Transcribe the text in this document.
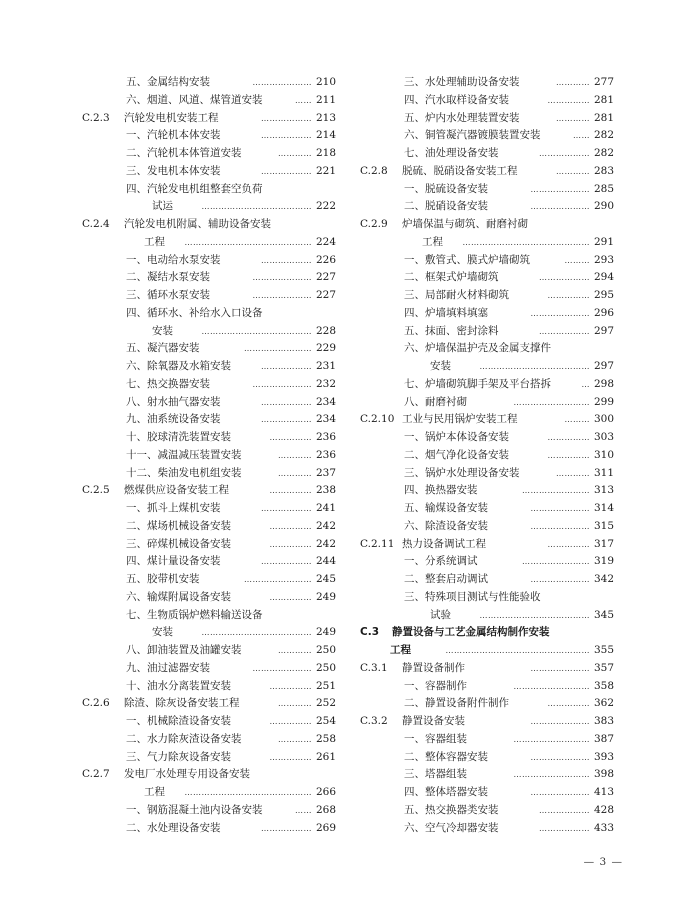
五、金属结构安装	………………… 210
六、烟道、风道、煤管道安装	…… 211
C.2.3 汽轮发电机安装工程	……………… 213
一、汽轮机本体安装	……………… 214
二、汽轮机本体管道安装	………… 218
三、发电机本体安装	……………… 221
四、汽轮发电机组整套空负荷
试运	………………………………… 222
C.2.4 汽轮发电机附属、辅助设备安装
工程 ……………………………………… 224
一、电动给水泵安装	……………… 226
二、凝结水泵安装	………………… 227
三、循环水泵安装	………………… 227
四、循环水、补给水入口设备
安装	………………………………… 228
五、凝汽器安装	…………………… 229
六、除氧器及水箱安装	……………… 231
七、热交换器安装	………………… 232
八、射水抽气器安装	……………… 234
九、油系统设备安装	……………… 234
十、胶球清洗装置安装	…………… 236
十一、减温减压装置安装	………… 236
十二、柴油发电机组安装	………… 237
C.2.5 燃煤供应设备安装工程	…………… 238
一、抓斗上煤机安装	……………… 241
二、煤场机械设备安装	…………… 242
三、碎煤机械设备安装	…………… 242
四、煤计量设备安装	……………… 244
五、胶带机安装	…………………… 245
六、输煤附属设备安装	…………… 249
七、生物质锅炉燃料输送设备
安装	………………………………… 249
八、卸油装置及油罐安装	………… 250
九、油过滤器安装	………………… 250
十、油水分离装置安装	…………… 251
C.2.6 除渣、除灰设备安装工程	………… 252
一、机械除渣设备安装	…………… 254
二、水力除灰渣设备安装	………… 258
三、气力除灰设备安装	…………… 261
C.2.7 发电厂水处理专用设备安装
工程 ……………………………………… 266
一、钢筋混凝土池内设备安装	…… 268
二、水处理设备安装	……………… 269
三、水处理辅助设备安装	………… 277
四、汽水取样设备安装	…………… 281
五、炉内水处理装置安装	………… 281
六、铜管凝汽器镀膜装置安装	…… 282
七、油处理设备安装	……………… 282
C.2.8 脱硫、脱硝设备安装工程	………… 283
一、脱硫设备安装	………………… 285
二、脱硝设备安装	………………… 290
C.2.9 炉墙保温与砌筑、耐磨衬砌
工程 ……………………………………… 291
一、敷管式、膜式炉墙砌筑	……… 293
二、框架式炉墙砌筑	……………… 294
三、局部耐火材料砌筑	…………… 295
四、炉墙填料填塞	………………… 296
五、抹面、密封涂料	……………… 297
六、炉墙保温护壳及金属支撑件
安装	………………………………… 297
七、炉墙砌筑脚手架及平台搭拆	… 298
八、耐磨衬砌	……………………… 299
C.2.10 工业与民用锅炉安装工程	……… 300
一、锅炉本体设备安装	…………… 303
二、烟气净化设备安装	…………… 310
三、锅炉水处理设备安装	………… 311
四、换热器安装	…………………… 313
五、输煤设备安装	………………… 314
六、除渣设备安装	………………… 315
C.2.11 热力设备调试工程	…………… 317
一、分系统调试	…………………… 319
二、整套启动调试	………………… 342
三、特殊项目测试与性能验收
试验	………………………………… 345
C.3 静置设备与工艺金属结构制作安装
工程	…………………………………………… 355
C.3.1 静置设备制作	………………… 357
一、容器制作	……………………… 358
二、静置设备附件制作	…………… 362
C.3.2 静置设备安装	………………… 383
一、容器组装	……………………… 387
二、整体容器安装	………………… 393
三、塔器组装	……………………… 398
四、整体塔器安装	………………… 413
五、热交换器类安装	……………… 428
六、空气冷却器安装	……………… 433
— 3 —
